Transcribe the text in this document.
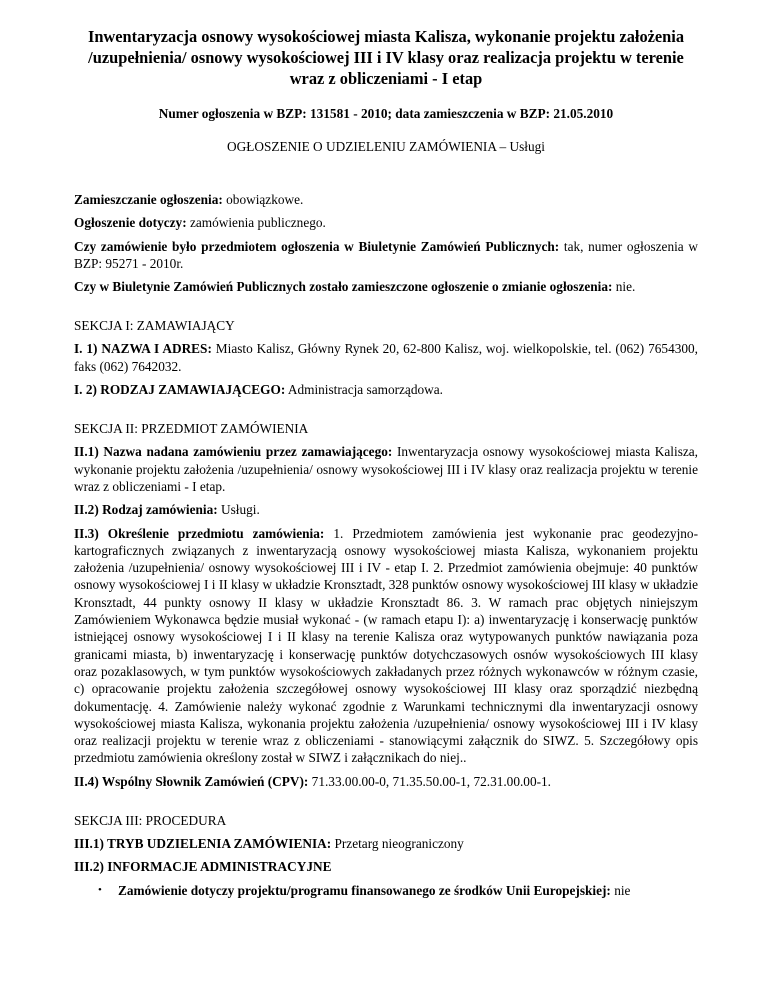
Inwentaryzacja osnowy wysokościowej miasta Kalisza, wykonanie projektu założenia /uzupełnienia/ osnowy wysokościowej III i IV klasy oraz realizacja projektu w terenie wraz z obliczeniami - I etap
Numer ogłoszenia w BZP: 131581 - 2010; data zamieszczenia w BZP: 21.05.2010
OGŁOSZENIE O UDZIELENIU ZAMÓWIENIA – Usługi

Zamieszczanie ogłoszenia: obowiązkowe.

Ogłoszenie dotyczy: zamówienia publicznego.

Czy zamówienie było przedmiotem ogłoszenia w Biuletynie Zamówień Publicznych: tak, numer ogłoszenia w BZP: 95271 - 2010r.

Czy w Biuletynie Zamówień Publicznych zostało zamieszczone ogłoszenie o zmianie ogłoszenia: nie.

SEKCJA I: ZAMAWIAJĄCY

I. 1) NAZWA I ADRES: Miasto Kalisz, Główny Rynek 20, 62-800 Kalisz, woj. wielkopolskie, tel. (062) 7654300, faks (062) 7642032.

I. 2) RODZAJ ZAMAWIAJĄCEGO: Administracja samorządowa.

SEKCJA II: PRZEDMIOT ZAMÓWIENIA

II.1) Nazwa nadana zamówieniu przez zamawiającego: Inwentaryzacja osnowy wysokościowej miasta Kalisza, wykonanie projektu założenia /uzupełnienia/ osnowy wysokościowej III i IV klasy oraz realizacja projektu w terenie wraz z obliczeniami - I etap.

II.2) Rodzaj zamówienia: Usługi.

II.3) Określenie przedmiotu zamówienia: 1. Przedmiotem zamówienia jest wykonanie prac geodezyjno-kartograficznych związanych z inwentaryzacją osnowy wysokościowej miasta Kalisza, wykonaniem projektu założenia /uzupełnienia/ osnowy wysokościowej III i IV - etap I. 2. Przedmiot zamówienia obejmuje: 40 punktów osnowy wysokościowej I i II klasy w układzie Kronsztadt, 328 punktów osnowy wysokościowej III klasy w układzie Kronsztadt, 44 punkty osnowy II klasy w układzie Kronsztadt 86. 3. W ramach prac objętych niniejszym Zamówieniem Wykonawca będzie musiał wykonać - (w ramach etapu I): a) inwentaryzację i konserwację punktów istniejącej osnowy wysokościowej I i II klasy na terenie Kalisza oraz wytypowanych punktów nawiązania poza granicami miasta, b) inwentaryzację i konserwację punktów dotychczasowych osnów wysokościowych III klasy oraz pozaklasowych, w tym punktów wysokościowych zakładanych przez różnych wykonawców w różnym czasie, c) opracowanie projektu założenia szczegółowej osnowy wysokościowej III klasy oraz sporządzić niezbędną dokumentację. 4. Zamówienie należy wykonać zgodnie z Warunkami technicznymi dla inwentaryzacji osnowy wysokościowej miasta Kalisza, wykonania projektu założenia /uzupełnienia/ osnowy wysokościowej III i IV klasy oraz realizacji projektu w terenie wraz z obliczeniami - stanowiącymi załącznik do SIWZ. 5. Szczegółowy opis przedmiotu zamówienia określony został w SIWZ i załącznikach do niej..

II.4) Wspólny Słownik Zamówień (CPV): 71.33.00.00-0, 71.35.50.00-1, 72.31.00.00-1.

SEKCJA III: PROCEDURA

III.1) TRYB UDZIELENIA ZAMÓWIENIA: Przetarg nieograniczony

III.2) INFORMACJE ADMINISTRACYJNE

• Zamówienie dotyczy projektu/programu finansowanego ze środków Unii Europejskiej: nie
